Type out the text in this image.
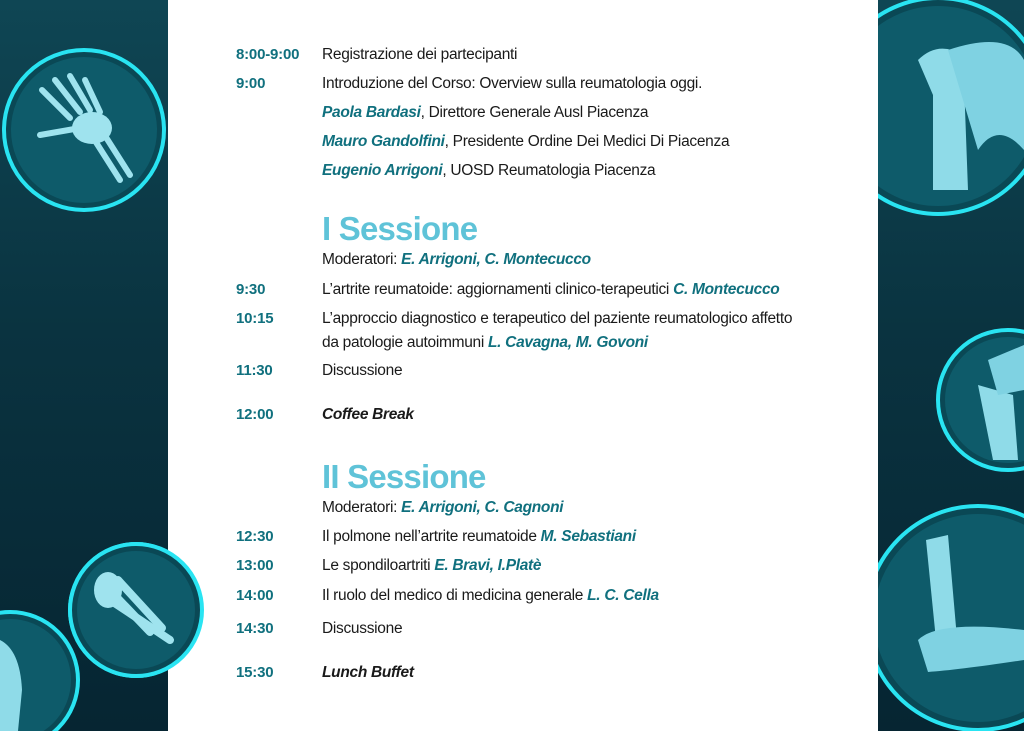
8:00-9:00 Registrazione dei partecipanti
9:00	Introduzione del Corso: Overview sulla reumatologia oggi.
Paola Bardasi, Direttore Generale Ausl Piacenza
Mauro Gandolfini, Presidente Ordine Dei Medici Di Piacenza
Eugenio Arrigoni, UOSD Reumatologia Piacenza
I Sessione
Moderatori: E. Arrigoni, C. Montecucco
9:30	L’artrite reumatoide: aggiornamenti clinico-terapeutici C. Montecucco
10:15	L’approccio diagnostico e terapeutico del paziente reumatologico affetto
da patologie autoimmuni L. Cavagna, M. Govoni
11:30	Discussione
12:00	Coffee Break
II Sessione
Moderatori: E. Arrigoni, C. Cagnoni
12:30	Il polmone nell’artrite reumatoide M. Sebastiani
13:00	Le spondiloartriti E. Bravi, I.Platè
14:00	Il ruolo del medico di medicina generale L. C. Cella
14:30	Discussione
15:30	Lunch Buffet
